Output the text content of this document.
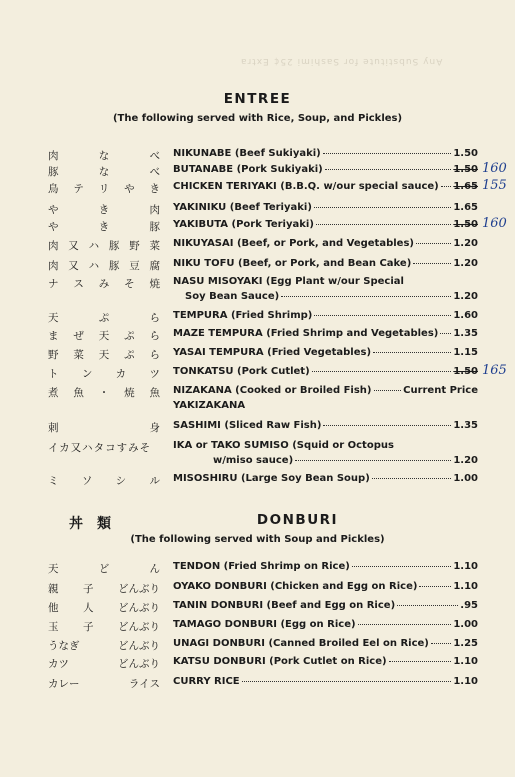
Any Substitute for Sashimi 25¢ Extra
ENTREE
(The following served with Rice, Soup, and Pickles)
肉	な	べ NIKUNABE (Beef Sukiyaki)	1.50
160
豚	な	べ BUTANABE (Pork Sukiyaki)	1.50
155
鳥 テ リ や き CHICKEN TERIYAKI (B.B.Q. w/our special sauce) 1.65
や	き	肉 YAKINIKU (Beef Teriyaki)	1.65
160
や	き	豚 YAKIBUTA (Pork Teriyaki)	1.50
肉 又 ハ 豚 野 菜 NIKUYASAI (Beef, or Pork, and Vegetables)	1.20
肉 又 ハ 豚 豆 腐 NIKU TOFU (Beef, or Pork, and Bean Cake)	1.20
ナ ス み そ 焼 NASU MISOYAKI (Egg Plant w/our Special
Soy Bean Sauce)	1.20
天	ぷ	ら TEMPURA (Fried Shrimp)	1.60
ま ぜ 天 ぷ ら MAZE TEMPURA (Fried Shrimp and Vegetables) 1.35
野 菜 天 ぷ ら YASAI TEMPURA (Fried Vegetables)	1.15
165
ト ン カ ツ TONKATSU (Pork Cutlet)	1.50
煮 魚 ・ 焼 魚 NIZAKANA (Cooked or Broiled Fish)	Current Price
YAKIZAKANA
刺	身 SASHIMI (Sliced Raw Fish)	1.35
イカ又ハタコすみそ IKA or TAKO SUMISO (Squid or Octopus
w/miso sauce)	1.20
ミ ソ シ ル MISOSHIRU (Large Soy Bean Soup)	1.00
丼類	DONBURI
(The following served with Soup and Pickles)
天	ど	ん TENDON (Fried Shrimp on Rice)	1.10
親 子 どんぶり OYAKO DONBURI (Chicken and Egg on Rice)	1.10
他 人 どんぶり TANIN DONBURI (Beef and Egg on Rice)	.95
玉 子 どんぶり TAMAGO DONBURI (Egg on Rice)	1.00
うなぎ	どんぶり UNAGI DONBURI (Canned Broiled Eel on Rice) 1.25
カツ	どんぶり KATSU DONBURI (Pork Cutlet on Rice)	1.10
カレー	ライス CURRY RICE	1.10
